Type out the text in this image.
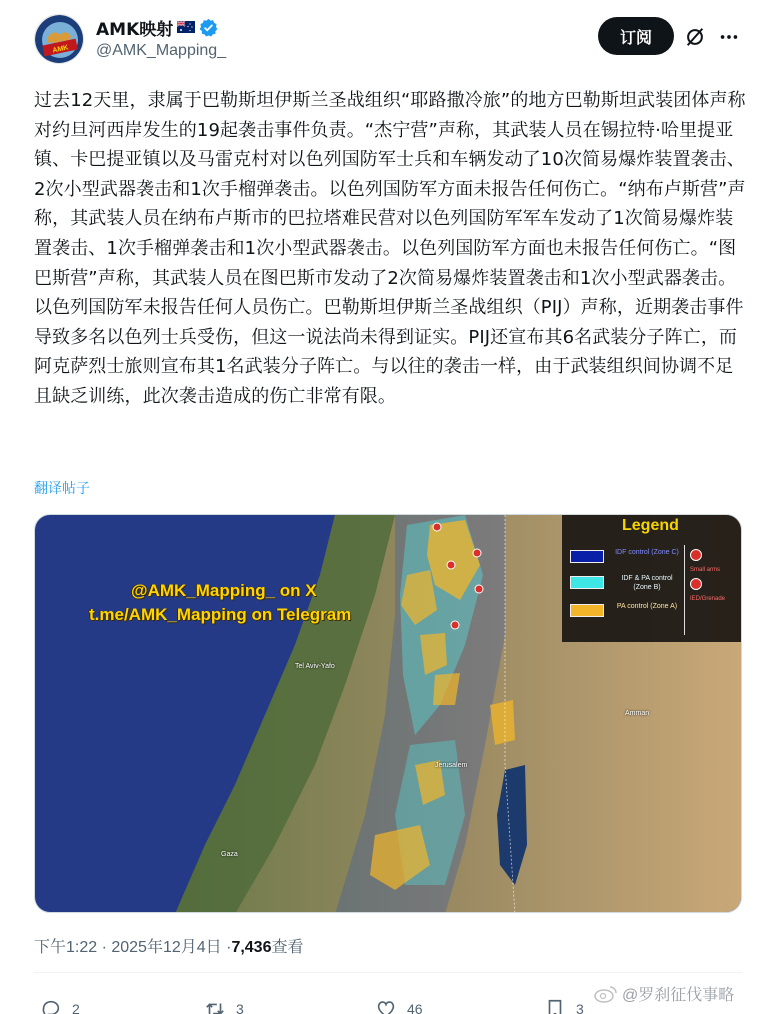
AMK
AMK映射
@AMK_Mapping_
订阅
过去12天里，隶属于巴勒斯坦伊斯兰圣战组织“耶路撒冷旅”的地方巴勒斯坦武装团体声称对约旦河西岸发生的19起袭击事件负责。“杰宁营”声称，其武装人员在锡拉特·哈里提亚镇、卡巴提亚镇以及马雷克村对以色列国防军士兵和车辆发动了10次简易爆炸装置袭击、2次小型武器袭击和1次手榴弹袭击。以色列国防军方面未报告任何伤亡。“纳布卢斯营”声称，其武装人员在纳布卢斯市的巴拉塔难民营对以色列国防军军车发动了1次简易爆炸装置袭击、1次手榴弹袭击和1次小型武器袭击。以色列国防军方面也未报告任何伤亡。“图巴斯营”声称，其武装人员在图巴斯市发动了2次简易爆炸装置袭击和1次小型武器袭击。以色列国防军未报告任何人员伤亡。巴勒斯坦伊斯兰圣战组织（PIJ）声称，近期袭击事件导致多名以色列士兵受伤，但这一说法尚未得到证实。PIJ还宣布其6名武装分子阵亡，而阿克萨烈士旅则宣布其1名武装分子阵亡。与以往的袭击一样，由于武装组织间协调不足且缺乏训练，此次袭击造成的伤亡非常有限。
翻译帖子
@AMK_Mapping_ on X
t.me/AMK_Mapping on Telegram
Tel Aviv-Yafo
Amman
Jerusalem
Gaza
Legend
IDF control (Zone C)
IDF & PA control (Zone B)
PA control (Zone A)
Small arms
IED/Grenade
下午1:22 · 2025年12月4日 · 7,436 查看
2	3	46	3
@罗刹征伐事略
